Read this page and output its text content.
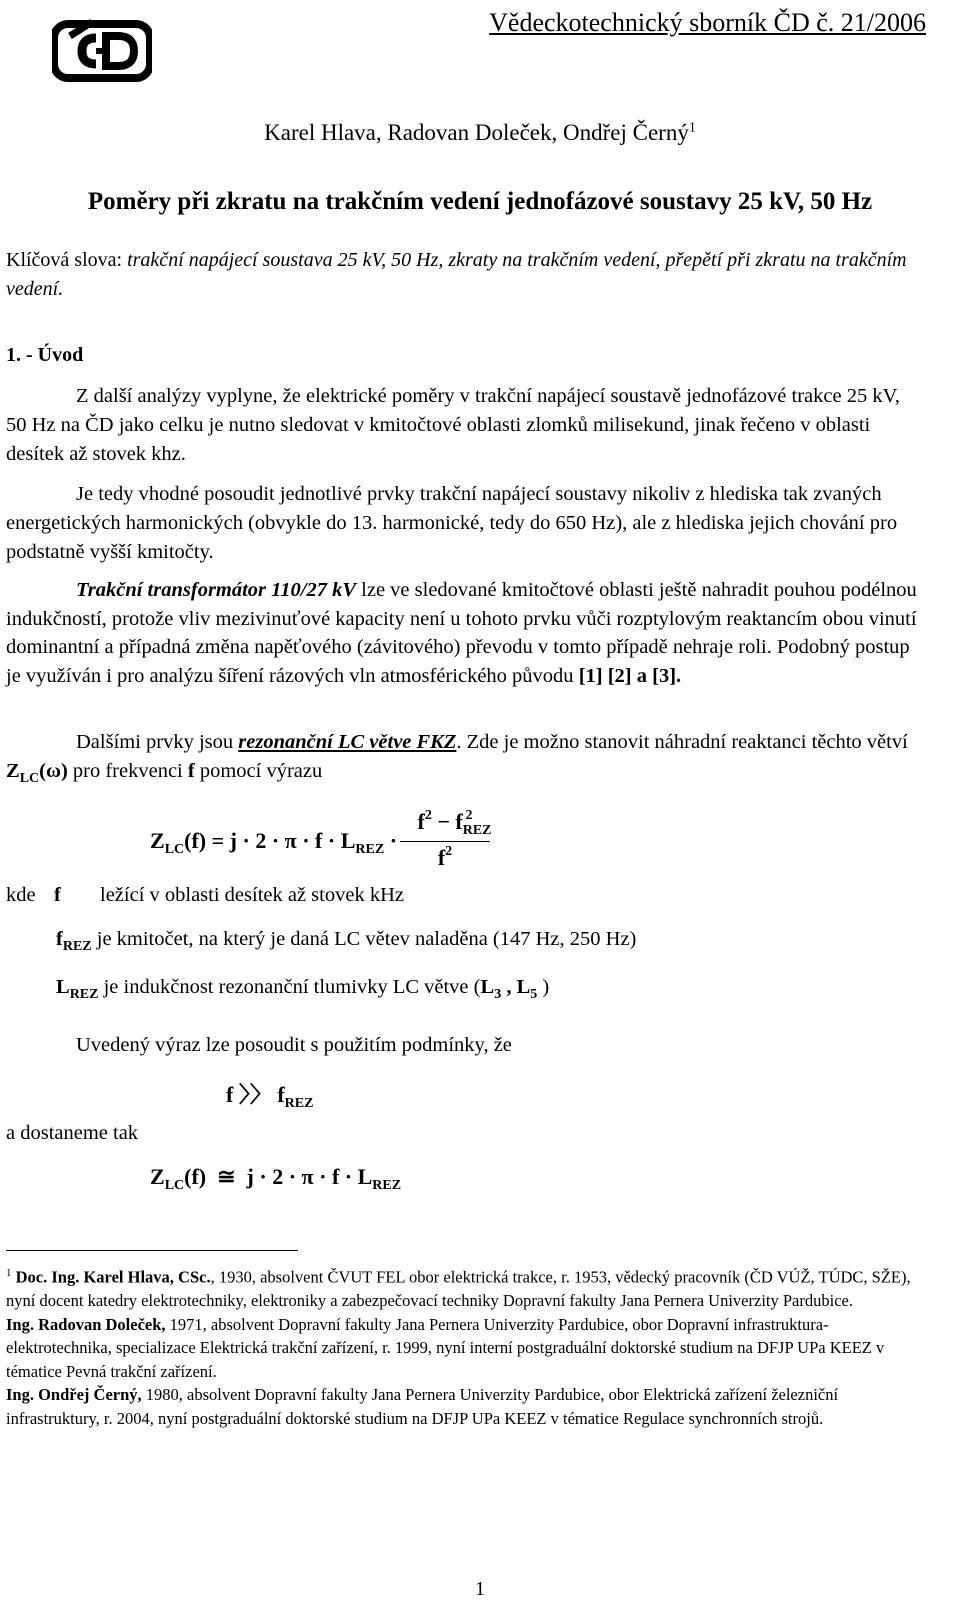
Vědeckotechnický sborník ČD č. 21/2006
Karel Hlava, Radovan Doleček, Ondřej Černý$^1$
Poměry při zkratu na trakčním vedení jednofázové soustavy 25 kV, 50 Hz
Klíčová slova: trakční napájecí soustava 25 kV, 50 Hz, zkraty na trakčním vedení, přepětí při zkratu na trakčním vedení.
1. - Úvod

Z další analýzy vyplyne, že elektrické poměry v trakční napájecí soustavě jednofázové trakce 25 kV, 50 Hz na ČD jako celku je nutno sledovat v kmitočtové oblasti zlomků milisekund, jinak řečeno v oblasti desítek až stovek khz.

Je tedy vhodné posoudit jednotlivé prvky trakční napájecí soustavy nikoliv z hlediska tak zvaných energetických harmonických (obvykle do 13. harmonické, tedy do 650 Hz), ale z hlediska jejich chování pro podstatně vyšší kmitočty.

Trakční transformátor 110/27 kV lze ve sledované kmitočtové oblasti ještě nahradit pouhou podélnou indukčností, protože vliv mezivinuťové kapacity není u tohoto prvku vůči rozptylovým reaktancím obou vinutí dominantní a případná změna napěťového (závitového) převodu v tomto případě nehraje roli. Podobný postup je využíván i pro analýzu šíření rázových vln atmosférického původu [1] [2] a [3].

Dalšími prvky jsou rezonanční LC větve FKZ. Zde je možno stanovit náhradní reaktanci těchto větví $Z_{LC}(\omega)$ pro frekvenci f pomocí výrazu

$Z_{LC}(f) = j \cdot 2 \cdot \pi \cdot f \cdot L_{REZ}$ ·
$f^2 - f_{REZ}^2$
$f^2$
kde f ležící v oblasti desítek až stovek kHz
$f_{REZ}$ je kmitočet, na který je daná LC větev naladěna (147 Hz, 250 Hz)
$L_{REZ}$ je indukčnost rezonanční tlumivky LC větve ($L_3$ , $L_5$ )
Uvedený výraz lze posoudit s použitím podmínky, že
f 〉〉 $f_{REZ}$
a dostaneme tak
$Z_{LC}(f)$  ≅  $j \cdot 2 \cdot \pi \cdot f \cdot L_{REZ}$

$^1$ Doc. Ing. Karel Hlava, CSc., 1930, absolvent ČVUT FEL obor elektrická trakce, r. 1953, vědecký pracovník (ČD VÚŽ, TÚDC, SŽE), nyní docent katedry elektrotechniky, elektroniky a zabezpečovací techniky Dopravní fakulty Jana Pernera Univerzity Pardubice.

Ing. Radovan Doleček, 1971, absolvent Dopravní fakulty Jana Pernera Univerzity Pardubice, obor Dopravní infrastruktura- elektrotechnika, specializace Elektrická trakční zařízení, r. 1999, nyní interní postgraduální doktorské studium na DFJP UPa KEEZ v tématice Pevná trakční zařízení.

Ing. Ondřej Černý, 1980, absolvent Dopravní fakulty Jana Pernera Univerzity Pardubice, obor Elektrická zařízení železniční infrastruktury, r. 2004, nyní postgraduální doktorské studium na DFJP UPa KEEZ v tématice Regulace synchronních strojů.

1
